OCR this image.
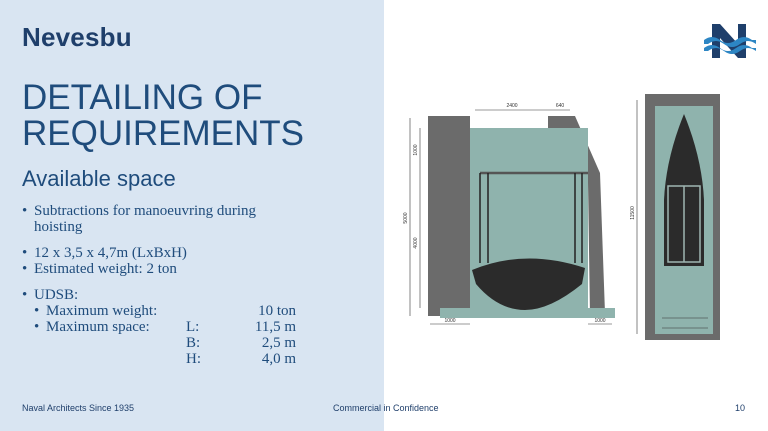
Nevesbu
DETAILING OF
REQUIREMENTS
Available space
• Subtractions for manoeuvring during
hoisting
• 12 x 3,5 x 4,7m (LxBxH)
• Estimated weight: 2 ton
• UDSB:
• Maximum weight:	10 ton
• Maximum space:	L:	11,5 m
B:	2,5 m
H:	4,0 m
2400	640
1000
5000
4000
1000	1000
11500
Naval Architects Since 1935	Commercial in Confidence	10
